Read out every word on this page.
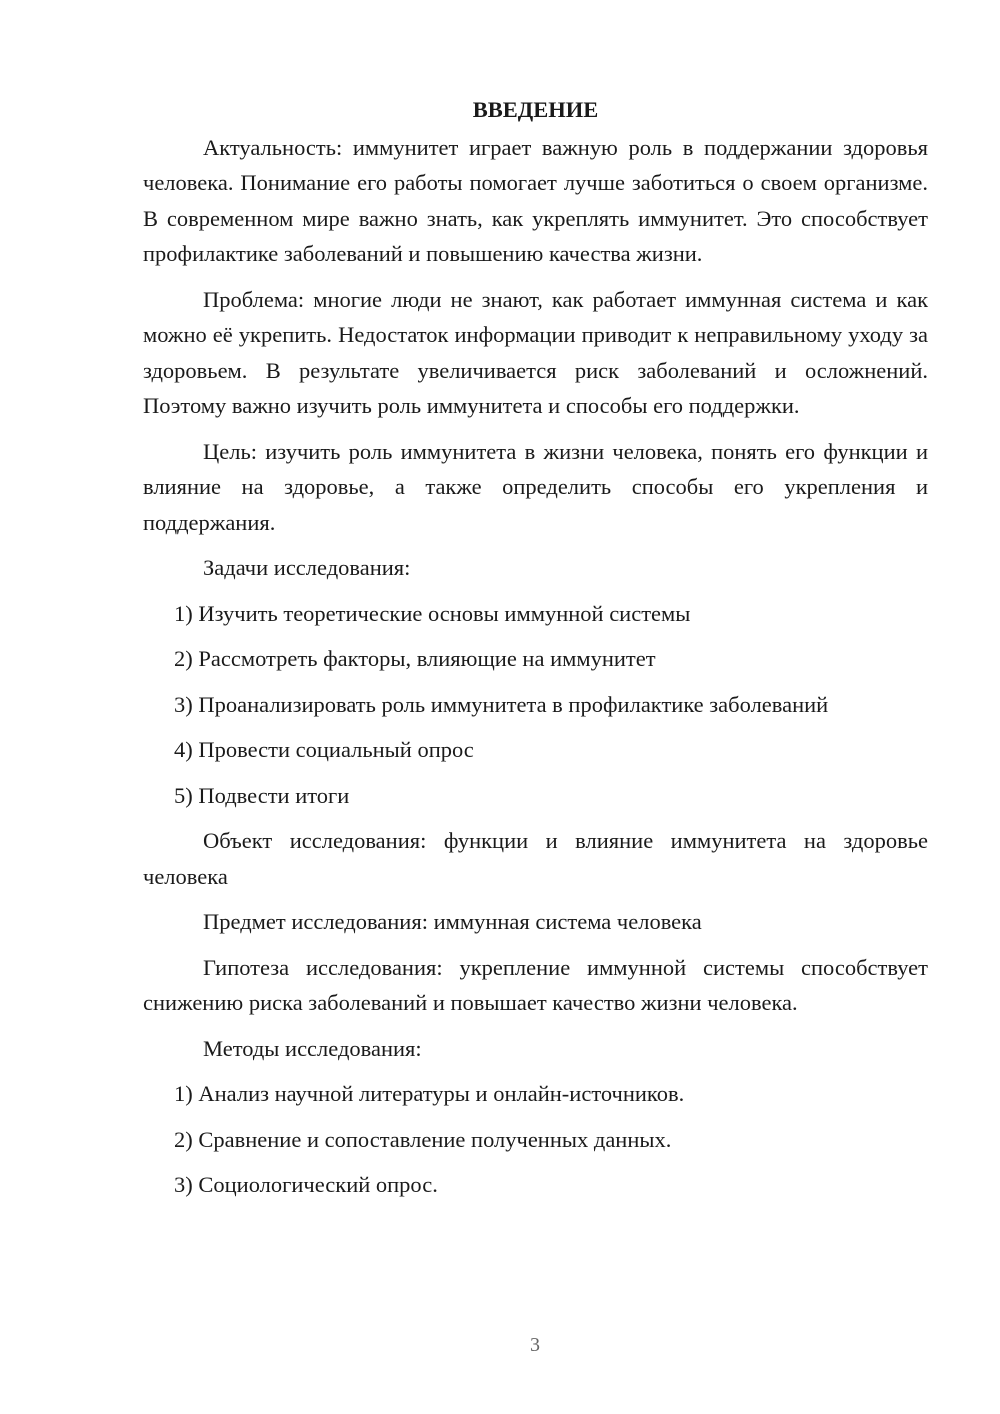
ВВЕДЕНИЕ

Актуальность: иммунитет играет важную роль в поддержании здоровья человека. Понимание его работы помогает лучше заботиться о своем организме. В современном мире важно знать, как укреплять иммунитет. Это способствует профилактике заболеваний и повышению качества жизни.

Проблема: многие люди не знают, как работает иммунная система и как можно её укрепить. Недостаток информации приводит к неправильному уходу за здоровьем. В результате увеличивается риск заболеваний и осложнений. Поэтому важно изучить роль иммунитета и способы его поддержки.

Цель: изучить роль иммунитета в жизни человека, понять его функции и влияние на здоровье, а также определить способы его укрепления и поддержания.

Задачи исследования:

1) Изучить теоретические основы иммунной системы

2) Рассмотреть факторы, влияющие на иммунитет

3) Проанализировать роль иммунитета в профилактике заболеваний

4) Провести социальный опрос

5) Подвести итоги

Объект исследования: функции и влияние иммунитета на здоровье человека

Предмет исследования: иммунная система человека

Гипотеза исследования: укрепление иммунной системы способствует снижению риска заболеваний и повышает качество жизни человека.

Методы исследования:

1) Анализ научной литературы и онлайн-источников.

2) Сравнение и сопоставление полученных данных.

3) Социологический опрос.

3
